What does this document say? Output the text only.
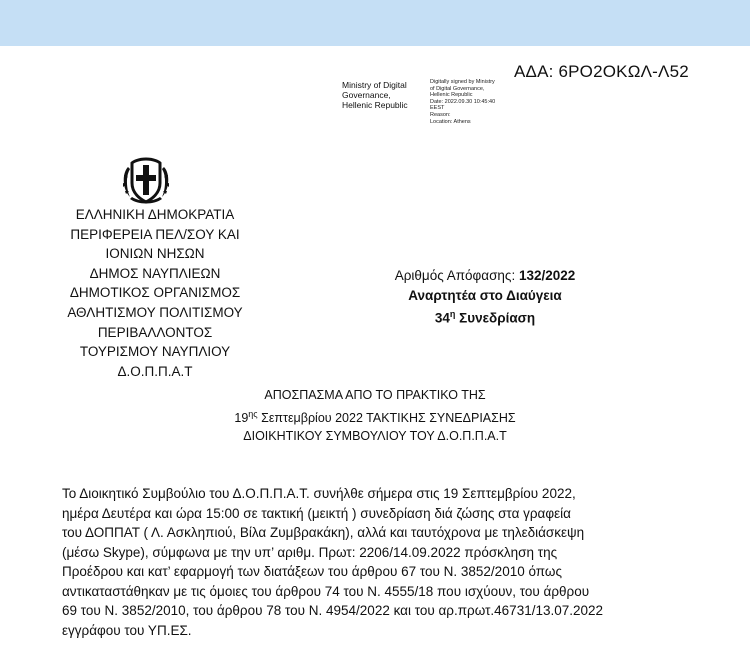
ΑΔΑ: 6ΡΟ2ΟΚΩΛ-Λ52
Ministry of Digital
Governance,
Hellenic Republic
Digitally signed by Ministry
of Digital Governance,
Hellenic Republic
Date: 2022.09.30 10:45:40
EEST
Reason:
Location: Athens
ΕΛΛΗΝΙΚΗ ΔΗΜΟΚΡΑΤΙΑ
ΠΕΡΙΦΕΡΕΙΑ ΠΕΛ/ΣΟΥ ΚΑΙ
ΙΟΝΙΩΝ ΝΗΣΩΝ
ΔΗΜΟΣ ΝΑΥΠΛΙΕΩΝ
ΔΗΜΟΤΙΚΟΣ ΟΡΓΑΝΙΣΜΟΣ
ΑΘΛΗΤΙΣΜΟΥ ΠΟΛΙΤΙΣΜΟΥ
ΠΕΡΙΒΑΛΛΟΝΤΟΣ
ΤΟΥΡΙΣΜΟΥ ΝΑΥΠΛΙΟΥ
Δ.Ο.Π.Π.Α.Τ
Αριθμός Απόφασης: 132/2022
Αναρτητέα στο Διαύγεια
$34^\eta$ Συνεδρίαση
ΑΠΟΣΠΑΣΜΑ ΑΠΟ ΤΟ ΠΡΑΚΤΙΚΟ ΤΗΣ
$19^{\eta\varsigma}$ Σεπτεμβρίου 2022 ΤΑΚΤΙΚΗΣ ΣΥΝΕΔΡΙΑΣΗΣ
ΔΙΟΙΚΗΤΙΚΟΥ ΣΥΜΒΟΥΛΙΟΥ ΤΟΥ Δ.Ο.Π.Π.Α.Τ
Το Διοικητικό Συμβούλιο του Δ.Ο.Π.Π.Α.Τ. συνήλθε σήμερα στις 19 Σεπτεμβρίου 2022,
ημέρα Δευτέρα και ώρα 15:00 σε τακτική (μεικτή ) συνεδρίαση διά ζώσης στα γραφεία
του ΔΟΠΠΑΤ ( Λ. Ασκληπιού, Βίλα Ζυμβρακάκη), αλλά και ταυτόχρονα με τηλεδιάσκεψη
(μέσω Skype), σύμφωνα με την υπ’ αριθμ. Πρωτ: 2206/14.09.2022 πρόσκληση της
Προέδρου και κατ’ εφαρμογή των διατάξεων του άρθρου 67 του Ν. 3852/2010 όπως
αντικαταστάθηκαν με τις όμοιες του άρθρου 74 του Ν. 4555/18 που ισχύουν, του άρθρου
69 του Ν. 3852/2010, του άρθρου 78 του Ν. 4954/2022 και του αρ.πρωτ.46731/13.07.2022
εγγράφου του ΥΠ.ΕΣ.
